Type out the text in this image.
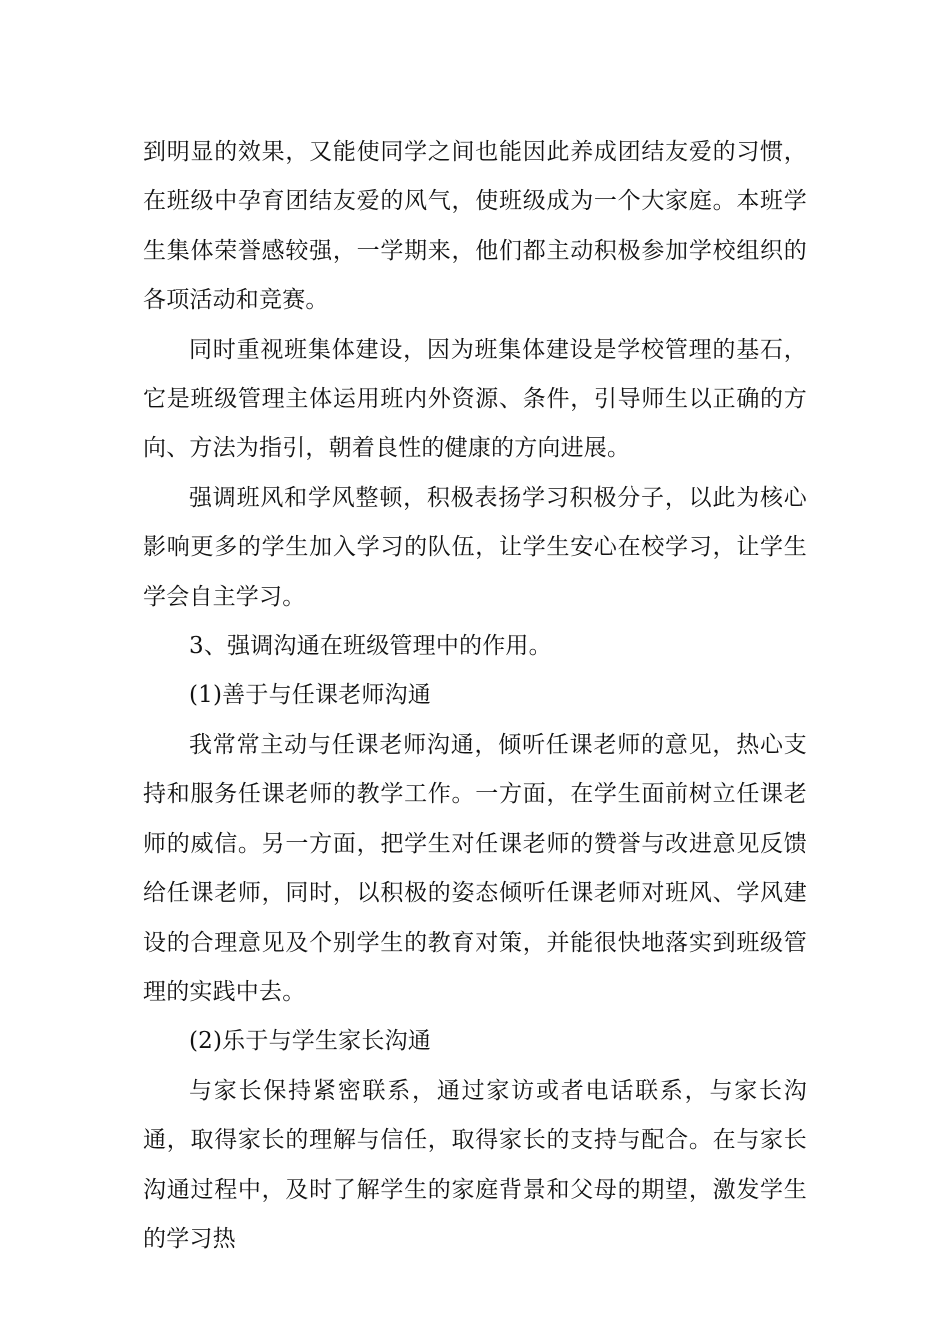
到明显的效果，又能使同学之间也能因此养成团结友爱的习惯，在班级中孕育团结友爱的风气，使班级成为一个大家庭。本班学生集体荣誉感较强，一学期来，他们都主动积极参加学校组织的各项活动和竞赛。

同时重视班集体建设，因为班集体建设是学校管理的基石，它是班级管理主体运用班内外资源、条件，引导师生以正确的方向、方法为指引，朝着良性的健康的方向进展。

强调班风和学风整顿，积极表扬学习积极分子，以此为核心影响更多的学生加入学习的队伍，让学生安心在校学习，让学生学会自主学习。

3、强调沟通在班级管理中的作用。

(1)善于与任课老师沟通

我常常主动与任课老师沟通，倾听任课老师的意见，热心支持和服务任课老师的教学工作。一方面，在学生面前树立任课老师的威信。另一方面，把学生对任课老师的赞誉与改进意见反馈给任课老师，同时，以积极的姿态倾听任课老师对班风、学风建设的合理意见及个别学生的教育对策，并能很快地落实到班级管理的实践中去。

(2)乐于与学生家长沟通

与家长保持紧密联系，通过家访或者电话联系，与家长沟通，取得家长的理解与信任，取得家长的支持与配合。在与家长沟通过程中，及时了解学生的家庭背景和父母的期望，激发学生的学习热
